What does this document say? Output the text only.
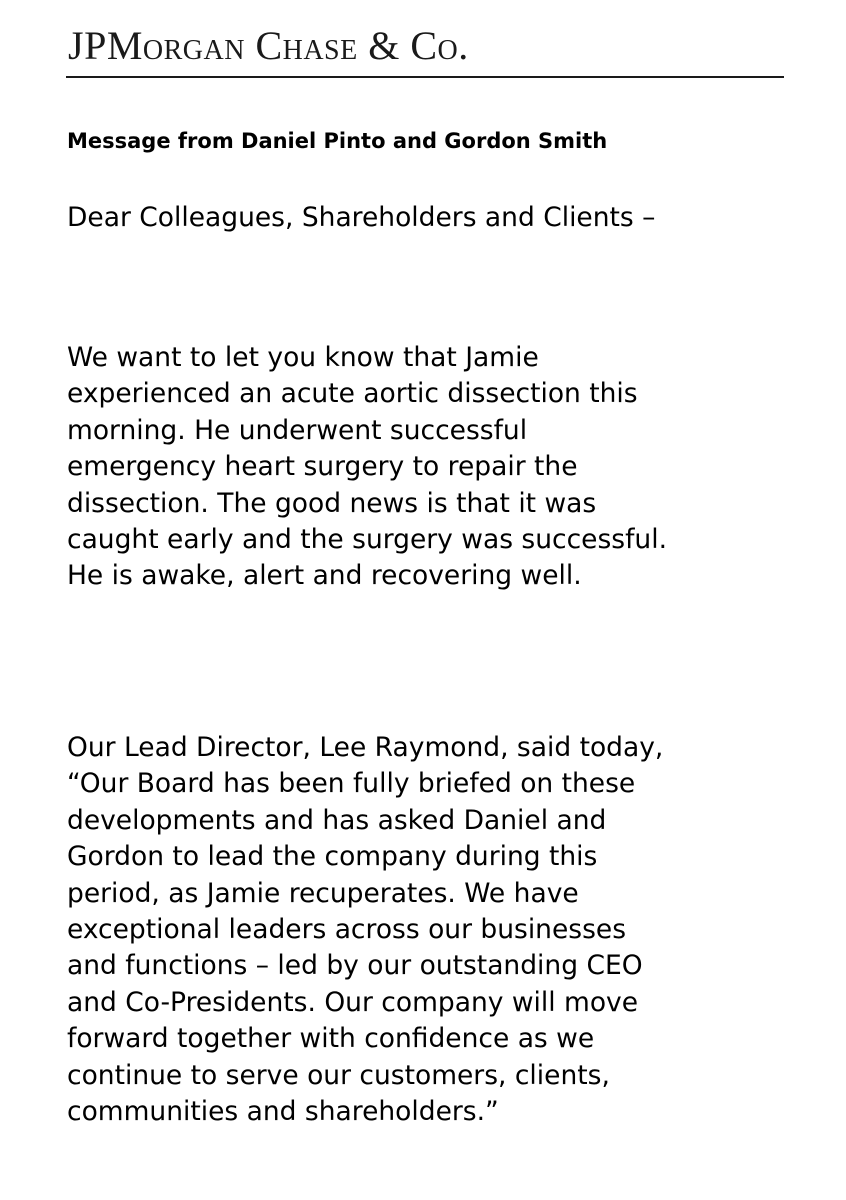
JPMorgan Chase & Co.
Message from Daniel Pinto and Gordon Smith

Dear Colleagues, Shareholders and Clients –

We want to let you know that Jamie
experienced an acute aortic dissection this
morning. He underwent successful
emergency heart surgery to repair the
dissection. The good news is that it was
caught early and the surgery was successful.
He is awake, alert and recovering well.

Our Lead Director, Lee Raymond, said today,
“Our Board has been fully briefed on these
developments and has asked Daniel and
Gordon to lead the company during this
period, as Jamie recuperates. We have
exceptional leaders across our businesses
and functions – led by our outstanding CEO
and Co-Presidents. Our company will move
forward together with confidence as we
continue to serve our customers, clients,
communities and shareholders.”
